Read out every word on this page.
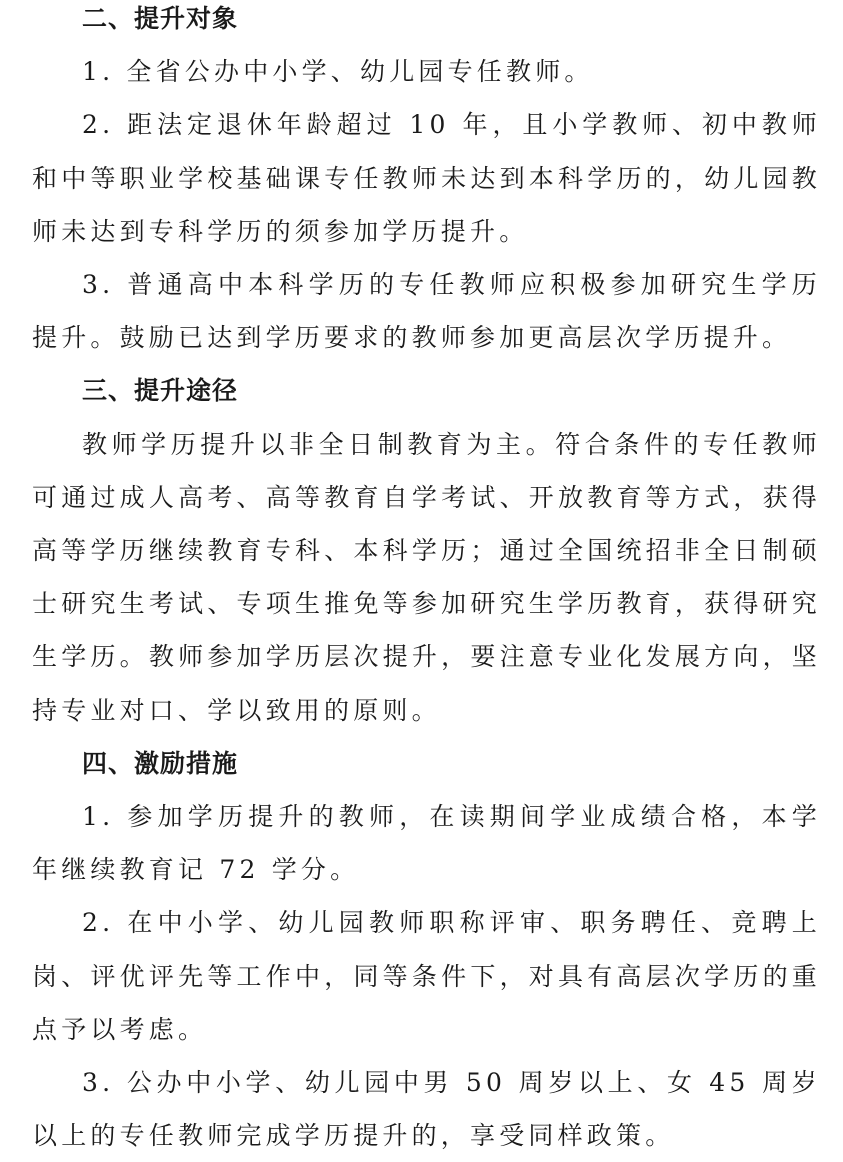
二、提升对象

1. 全省公办中小学、幼儿园专任教师。

2. 距法定退休年龄超过 10 年，且小学教师、初中教师和中等职业学校基础课专任教师未达到本科学历的，幼儿园教师未达到专科学历的须参加学历提升。

3. 普通高中本科学历的专任教师应积极参加研究生学历提升。鼓励已达到学历要求的教师参加更高层次学历提升。

三、提升途径

教师学历提升以非全日制教育为主。符合条件的专任教师可通过成人高考、高等教育自学考试、开放教育等方式，获得高等学历继续教育专科、本科学历；通过全国统招非全日制硕士研究生考试、专项生推免等参加研究生学历教育，获得研究生学历。教师参加学历层次提升，要注意专业化发展方向，坚持专业对口、学以致用的原则。

四、激励措施

1. 参加学历提升的教师，在读期间学业成绩合格，本学年继续教育记 72 学分。

2. 在中小学、幼儿园教师职称评审、职务聘任、竞聘上岗、评优评先等工作中，同等条件下，对具有高层次学历的重点予以考虑。

3. 公办中小学、幼儿园中男 50 周岁以上、女 45 周岁以上的专任教师完成学历提升的，享受同样政策。
